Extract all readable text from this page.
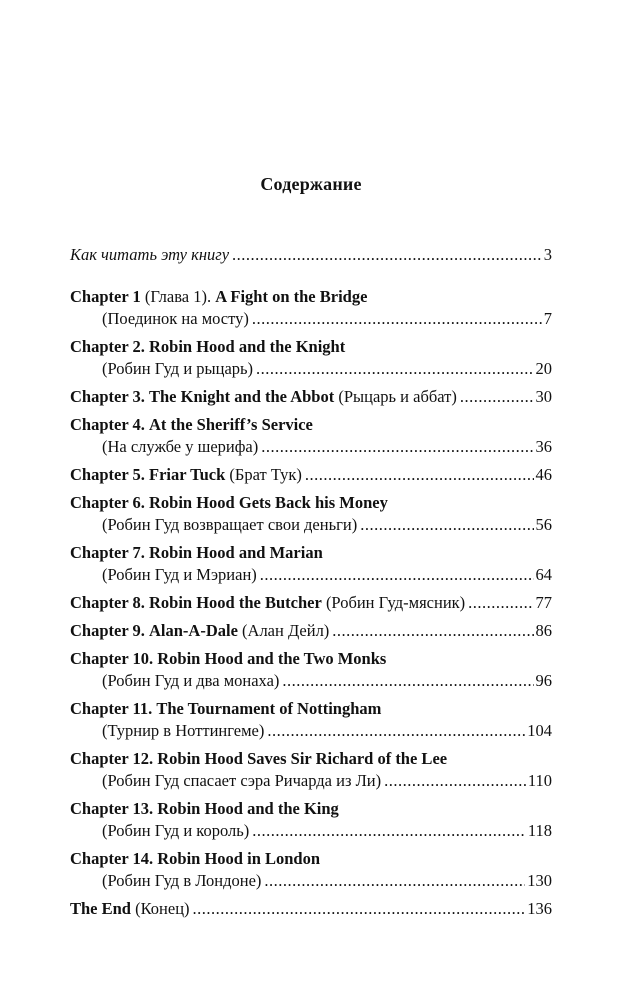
Содержание
Как читать эту книгу .....	3
Chapter 1 (Глава 1). A Fight on the Bridge
(Поединок на мосту) .....	7
Chapter 2.
Robin Hood and the Knight
(Робин Гуд и рыцарь) .....	20
Chapter 3.
The Knight and the Abbot
(Рыцарь и аббат) .....	30
Chapter 4.
At the Sheriff’s Service
(На службе у шерифа) .....	36
Chapter 5.
Friar Tuck
(Брат Тук) .....	46
Chapter 6.
Robin Hood Gets Back his Money
(Робин Гуд возвращает свои деньги) .....	56
Chapter 7.
Robin Hood and Marian
(Робин Гуд и Мэриан) .....	64
Chapter 8.
Robin Hood the Butcher
(Робин Гуд-мясник) .....	77
Chapter 9.
Alan-A-Dale
(Алан Дейл) .....	86
Chapter 10.
Robin Hood and the Two Monks
(Робин Гуд и два монаха) .....	96
Chapter 11.
The Tournament of Nottingham
(Турнир в Ноттингеме) .....	104
Chapter 12.
Robin Hood Saves Sir Richard of the Lee
(Робин Гуд спасает сэра Ричарда из Ли) .....	110
Chapter 13.
Robin Hood and the King
(Робин Гуд и король) .....	118
Chapter 14.
Robin Hood in London
(Робин Гуд в Лондоне) .....	130
The End
(Конец) .....	136
